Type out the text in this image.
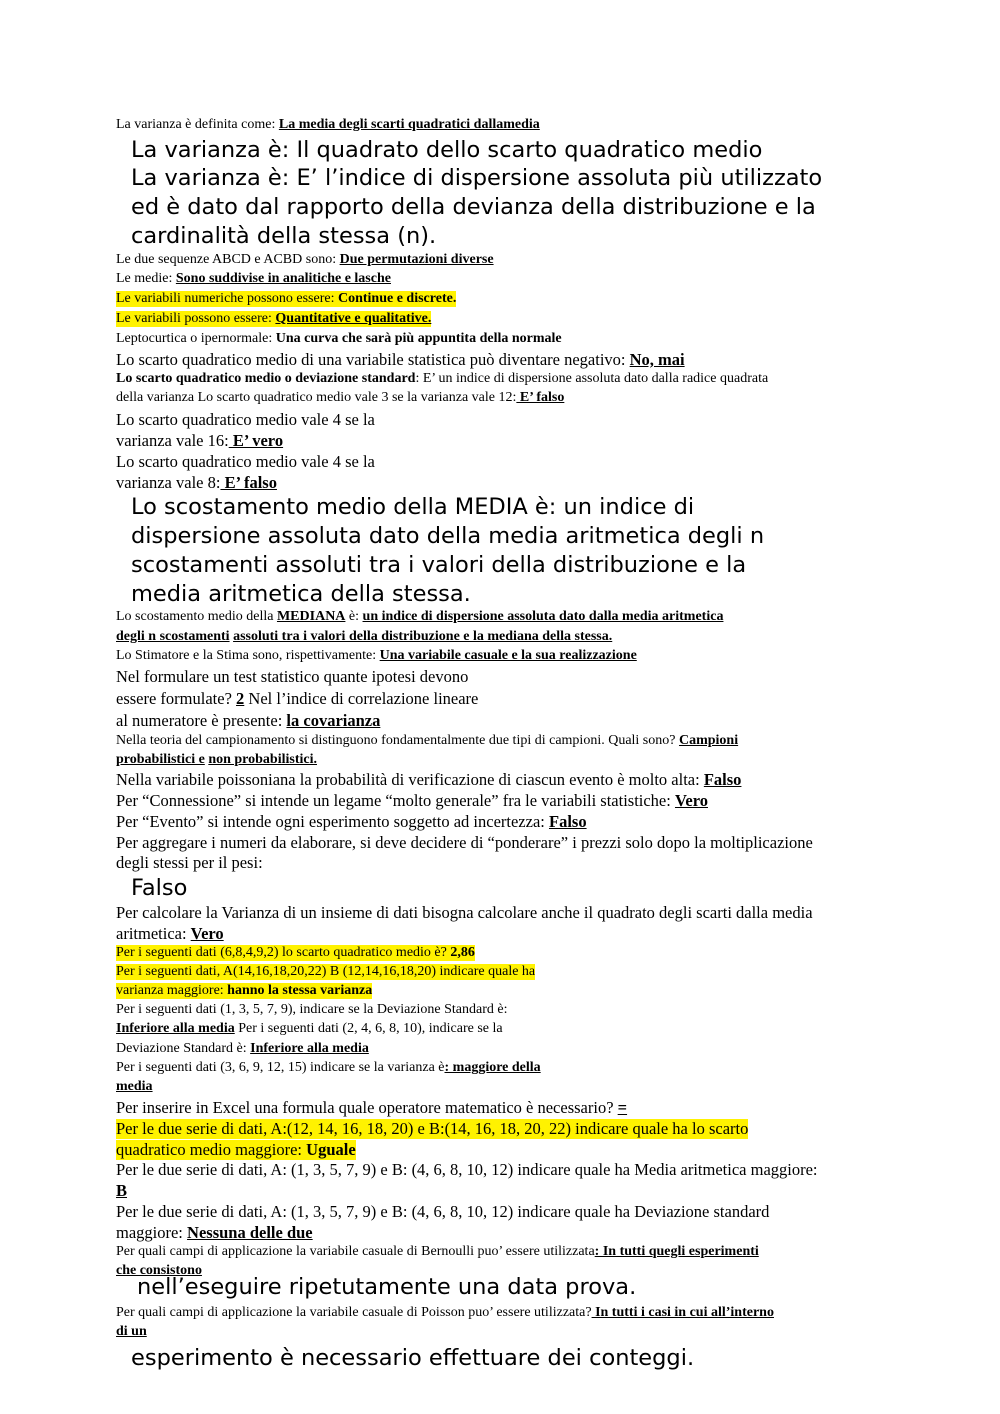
La varianza è definita come: La media degli scarti quadratici dallamedia
La varianza è: Il quadrato dello scarto quadratico medio
La varianza è: E’ l’indice di dispersione assoluta più utilizzato
ed è dato dal rapporto della devianza della distribuzione e la
cardinalità della stessa (n).
Le due sequenze ABCD e ACBD sono: Due permutazioni diverse
Le medie: Sono suddivise in analitiche e lasche
Le variabili numeriche possono essere: Continue e discrete.
Le variabili possono essere: Quantitative e qualitative.
Leptocurtica o ipernormale: Una curva che sarà più appuntita della normale
Lo scarto quadratico medio di una variabile statistica può diventare negativo: No, mai
Lo scarto quadratico medio o deviazione standard: E’ un indice di dispersione assoluta dato dalla radice quadrata
della varianza Lo scarto quadratico medio vale 3 se la varianza vale 12: E’ falso
Lo scarto quadratico medio vale 4 se la
varianza vale 16: E’ vero
Lo scarto quadratico medio vale 4 se la
varianza vale 8: E’ falso
Lo scostamento medio della MEDIA è: un indice di
dispersione assoluta dato della media aritmetica degli n
scostamenti assoluti tra i valori della distribuzione e la
media aritmetica della stessa.
Lo scostamento medio della MEDIANA è: un indice di dispersione assoluta dato dalla media aritmetica
degli n scostamenti assoluti tra i valori della distribuzione e la mediana della stessa.
Lo Stimatore e la Stima sono, rispettivamente: Una variabile casuale e la sua realizzazione
Nel formulare un test statistico quante ipotesi devono
essere formulate? 2 Nel l’indice di correlazione lineare
al numeratore è presente: la covarianza
Nella teoria del campionamento si distinguono fondamentalmente due tipi di campioni. Quali sono? Campioni
probabilistici e non probabilistici.
Nella variabile poissoniana la probabilità di verificazione di ciascun evento è molto alta: Falso
Per “Connessione” si intende un legame “molto generale” fra le variabili statistiche: Vero
Per “Evento” si intende ogni esperimento soggetto ad incertezza: Falso
Per aggregare i numeri da elaborare, si deve decidere di “ponderare” i prezzi solo dopo la moltiplicazione
degli stessi per il pesi:
Falso
Per calcolare la Varianza di un insieme di dati bisogna calcolare anche il quadrato degli scarti dalla media
aritmetica: Vero
Per i seguenti dati (6,8,4,9,2) lo scarto quadratico medio è? 2,86
Per i seguenti dati, A(14,16,18,20,22) B (12,14,16,18,20) indicare quale ha
varianza maggiore: hanno la stessa varianza
Per i seguenti dati (1, 3, 5, 7, 9), indicare se la Deviazione Standard è:
Inferiore alla media Per i seguenti dati (2, 4, 6, 8, 10), indicare se la
Deviazione Standard è: Inferiore alla media
Per i seguenti dati (3, 6, 9, 12, 15) indicare se la varianza è: maggiore della
media
Per inserire in Excel una formula quale operatore matematico è necessario? =
Per le due serie di dati, A:(12, 14, 16, 18, 20) e B:(14, 16, 18, 20, 22) indicare quale ha lo scarto
quadratico medio maggiore: Uguale
Per le due serie di dati, A: (1, 3, 5, 7, 9) e B: (4, 6, 8, 10, 12) indicare quale ha Media aritmetica maggiore:
B
Per le due serie di dati, A: (1, 3, 5, 7, 9) e B: (4, 6, 8, 10, 12) indicare quale ha Deviazione standard
maggiore: Nessuna delle due
Per quali campi di applicazione la variabile casuale di Bernoulli puo’ essere utilizzata: In tutti quegli esperimenti
che consistono
nell’eseguire ripetutamente una data prova.
Per quali campi di applicazione la variabile casuale di Poisson puo’ essere utilizzata? In tutti i casi in cui all’interno
di un
esperimento è necessario effettuare dei conteggi.
